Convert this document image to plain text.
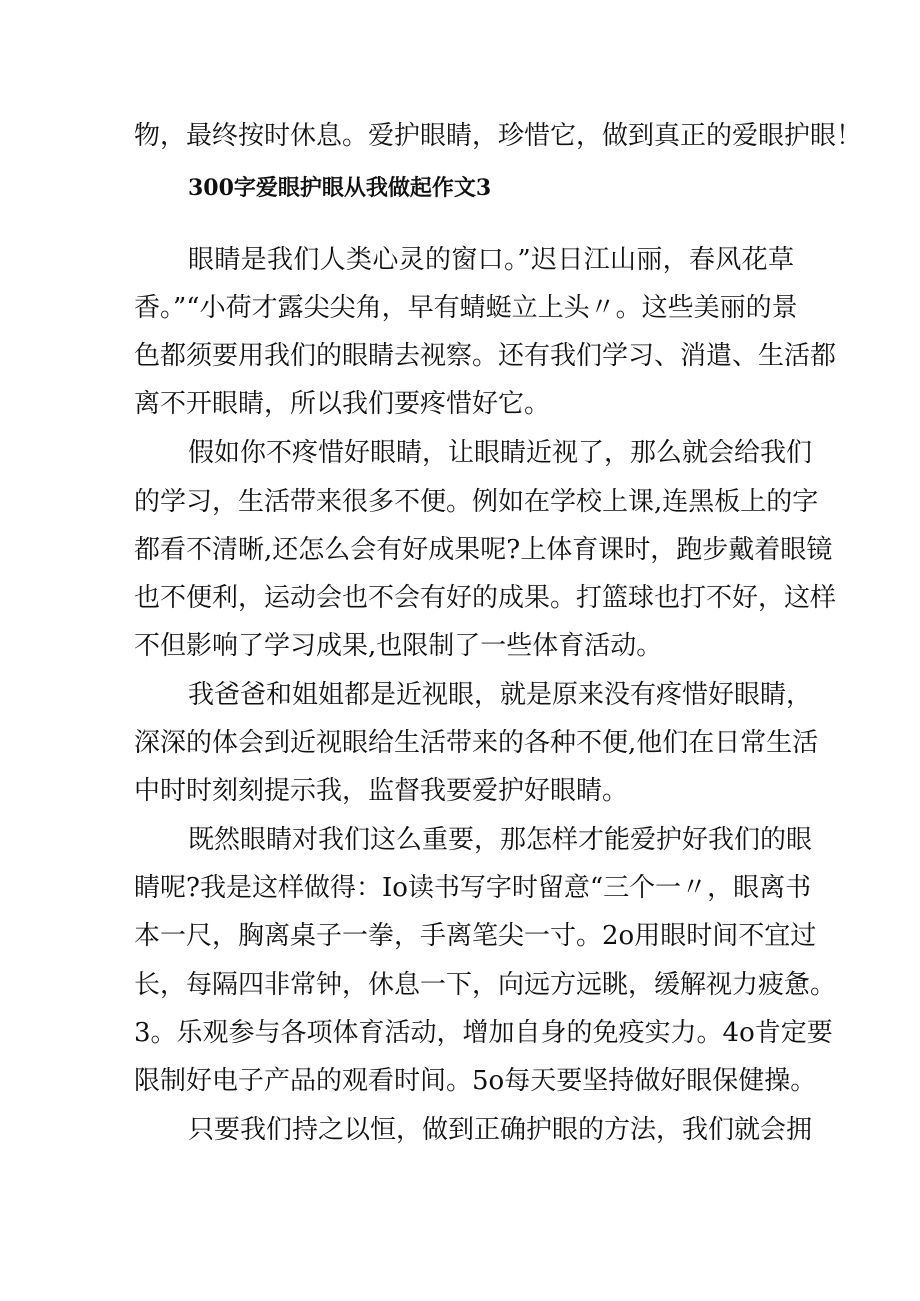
物，最终按时休息。爱护眼睛，珍惜它，做到真正的爱眼护眼！
300字爱眼护眼从我做起作文3
眼睛是我们人类心灵的窗口。”迟日江山丽，春风花草
香。”“小荷才露尖尖角，早有蜻蜓立上头〃。这些美丽的景
色都须要用我们的眼睛去视察。还有我们学习、消遣、生活都
离不开眼睛，所以我们要疼惜好它。
假如你不疼惜好眼睛，让眼睛近视了，那么就会给我们
的学习，生活带来很多不便。例如在学校上课,连黑板上的字
都看不清晰,还怎么会有好成果呢?上体育课时，跑步戴着眼镜
也不便利，运动会也不会有好的成果。打篮球也打不好，这样
不但影响了学习成果,也限制了一些体育活动。
我爸爸和姐姐都是近视眼，就是原来没有疼惜好眼睛，
深深的体会到近视眼给生活带来的各种不便,他们在日常生活
中时时刻刻提示我，监督我要爱护好眼睛。
既然眼睛对我们这么重要，那怎样才能爱护好我们的眼
睛呢?我是这样做得：Io读书写字时留意“三个一〃，眼离书
本一尺，胸离桌子一拳，手离笔尖一寸。2o用眼时间不宜过
长，每隔四非常钟，休息一下，向远方远眺，缓解视力疲惫。
3。乐观参与各项体育活动，增加自身的免疫实力。4o肯定要
限制好电子产品的观看时间。5o每天要坚持做好眼保健操。
只要我们持之以恒，做到正确护眼的方法，我们就会拥
